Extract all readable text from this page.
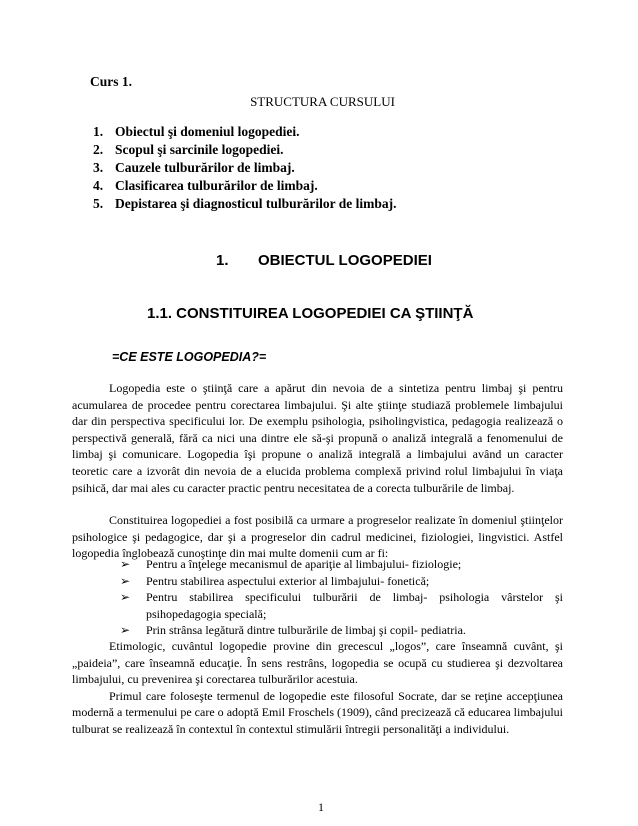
Curs 1.
STRUCTURA CURSULUI
1. Obiectul şi domeniul logopediei.
2. Scopul şi sarcinile logopediei.
3. Cauzele tulburărilor de limbaj.
4. Clasificarea tulburărilor de limbaj.
5. Depistarea şi diagnosticul tulburărilor de limbaj.
1. OBIECTUL LOGOPEDIEI
1.1. CONSTITUIREA LOGOPEDIEI CA ŞTIINŢĂ
=CE ESTE LOGOPEDIA?=

Logopedia este o ştiinţă care a apărut din nevoia de a sintetiza pentru limbaj şi pentru acumularea de procedee pentru corectarea limbajului. Şi alte ştiinţe studiază problemele limbajului dar din perspectiva specificului lor. De exemplu psihologia, psiholingvistica, pedagogia realizează o perspectivă generală, fără ca nici una dintre ele să-şi propună o analiză integrală a fenomenului de limbaj şi comunicare. Logopedia îşi propune o analiză integrală a limbajului având un caracter teoretic care a izvorât din nevoia de a elucida problema complexă privind rolul limbajului în viaţa psihică, dar mai ales cu caracter practic pentru necesitatea de a corecta tulburările de limbaj.

Constituirea logopediei a fost posibilă ca urmare a progreselor realizate în domeniul ştiinţelor psihologice şi pedagogice, dar şi a progreselor din cadrul medicinei, fiziologiei, lingvistici. Astfel logopedia înglobează cunoştinţe din mai multe domenii cum ar fi:

➢	Pentru a înţelege mecanismul de apariţie al limbajului- fiziologie;
➢	Pentru stabilirea aspectului exterior al limbajului- fonetică;
➢	Pentru stabilirea specificului tulburării de limbaj- psihologia vârstelor şi psihopedagogia specială;
➢	Prin strânsa legătură dintre tulburările de limbaj şi copil- pediatria.

Etimologic, cuvântul logopedie provine din grecescul „logos”, care înseamnă cuvânt, şi „paideia”, care înseamnă educaţie. În sens restrâns, logopedia se ocupă cu studierea şi dezvoltarea limbajului, cu prevenirea şi corectarea tulburărilor acestuia.

Primul care foloseşte termenul de logopedie este filosoful Socrate, dar se reţine accepţiunea modernă a termenului pe care o adoptă Emil Froschels (1909), când precizează că educarea limbajului tulburat se realizează în contextul în contextul stimulării întregii personalităţi a individului.

1
